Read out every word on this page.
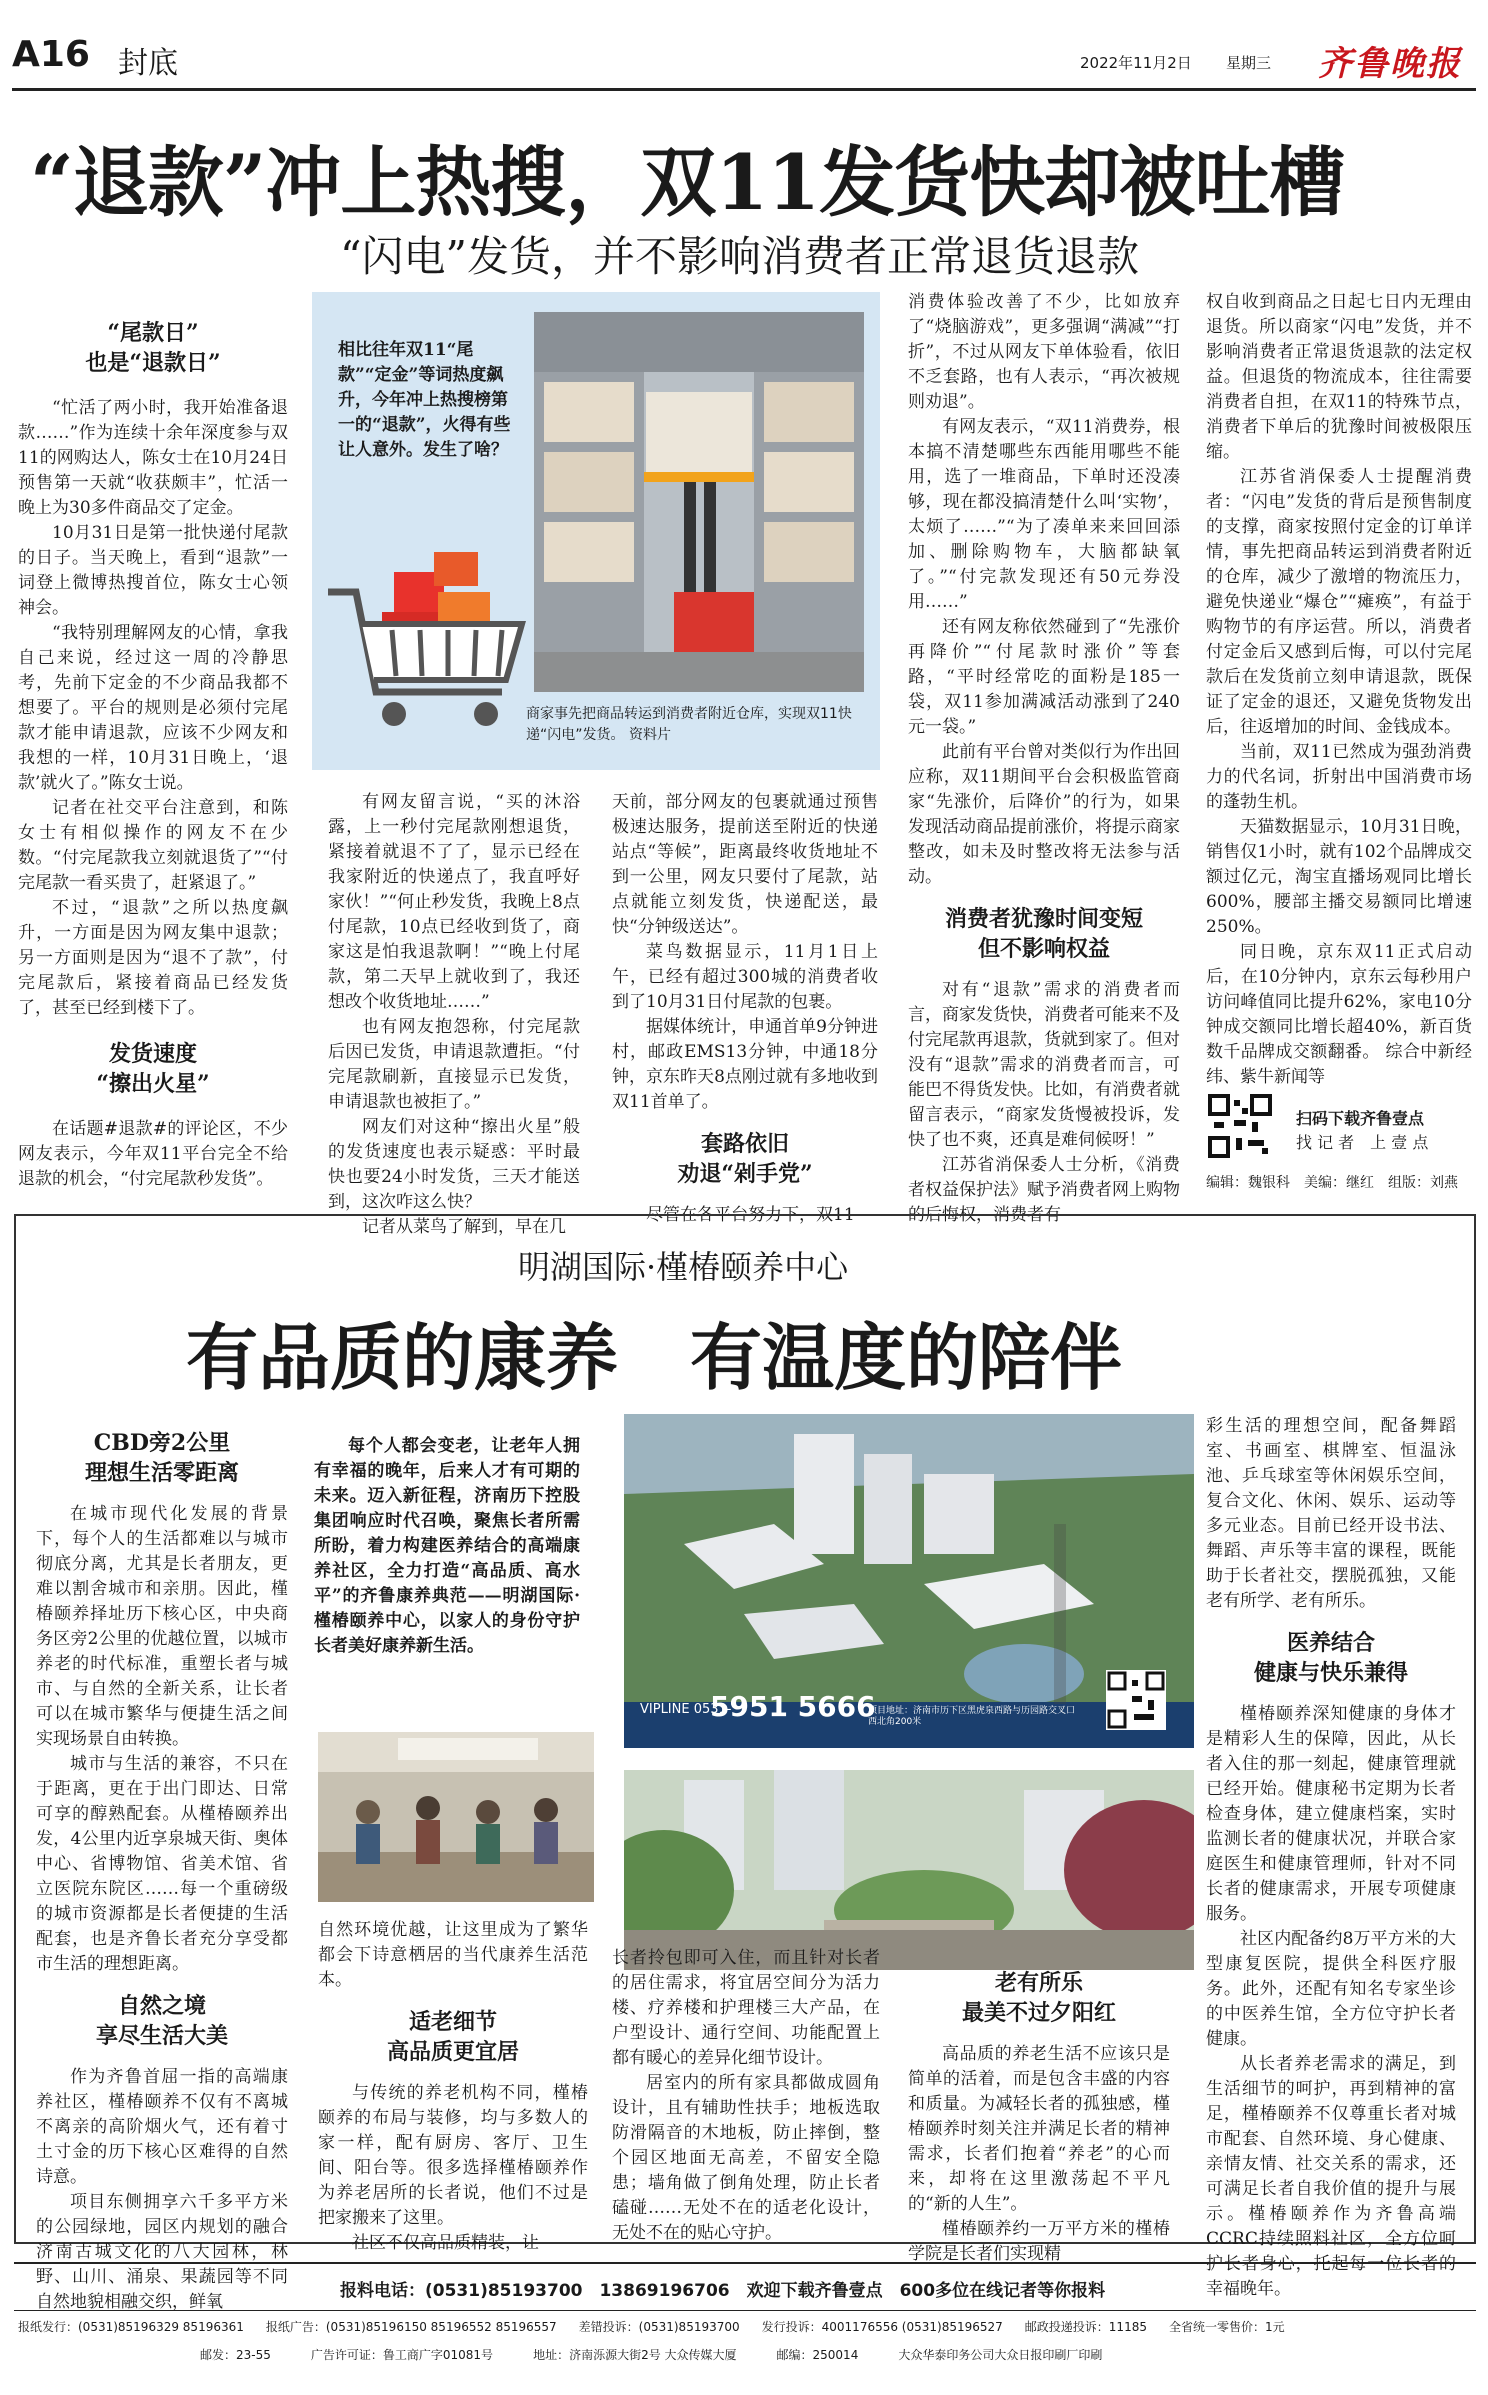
A16 封底	2022年11月2日 星期三 齐鲁晚报
“退款”冲上热搜，双11发货快却被吐槽
“闪电”发货，并不影响消费者正常退货退款
“尾款日”
也是“退款日”

“忙活了两小时，我开始准备退款……”作为连续十余年深度参与双11的网购达人，陈女士在10月24日预售第一天就“收获颇丰”，忙活一晚上为30多件商品交了定金。

10月31日是第一批快递付尾款的日子。当天晚上，看到“退款”一词登上微博热搜首位，陈女士心领神会。

“我特别理解网友的心情，拿我自己来说，经过这一周的冷静思考，先前下定金的不少商品我都不想要了。平台的规则是必须付完尾款才能申请退款，应该不少网友和我想的一样，10月31日晚上，‘退款’就火了。”陈女士说。

记者在社交平台注意到，和陈女士有相似操作的网友不在少数。“付完尾款我立刻就退货了”“付完尾款一看买贵了，赶紧退了。”

不过，“退款”之所以热度飙升，一方面是因为网友集中退款；另一方面则是因为“退不了款”，付完尾款后，紧接着商品已经发货了，甚至已经到楼下了。

发货速度
“擦出火星”

在话题#退款#的评论区，不少网友表示，今年双11平台完全不给退款的机会，“付完尾款秒发货”。

相比往年双11“尾款”“定金”等词热度飙升，今年冲上热搜榜第一的“退款”，火得有些让人意外。发生了啥？
商家事先把商品转运到消费者附近仓库，实现双11快递“闪电”发货。 资料片

有网友留言说，“买的沐浴露，上一秒付完尾款刚想退货，紧接着就退不了了，显示已经在我家附近的快递点了，我直呼好家伙！”“何止秒发货，我晚上8点付尾款，10点已经收到货了，商家这是怕我退款啊！”“晚上付尾款，第二天早上就收到了，我还想改个收货地址……”

也有网友抱怨称，付完尾款后因已发货，申请退款遭拒。“付完尾款刷新，直接显示已发货，申请退款也被拒了。”

网友们对这种“擦出火星”般的发货速度也表示疑惑：平时最快也要24小时发货，三天才能送到，这次咋这么快？

记者从菜鸟了解到，早在几

天前，部分网友的包裹就通过预售极速达服务，提前送至附近的快递站点“等候”，距离最终收货地址不到一公里，网友只要付了尾款，站点就能立刻发货，快递配送，最快“分钟级送达”。

菜鸟数据显示，11月1日上午，已经有超过300城的消费者收到了10月31日付尾款的包裹。

据媒体统计，申通首单9分钟进村，邮政EMS13分钟，中通18分钟，京东昨天8点刚过就有多地收到双11首单了。

套路依旧
劝退“剁手党”

尽管在各平台努力下，双11

消费体验改善了不少，比如放弃了“烧脑游戏”，更多强调“满减”“打折”，不过从网友下单体验看，依旧不乏套路，也有人表示，“再次被规则劝退”。

有网友表示，“双11消费券，根本搞不清楚哪些东西能用哪些不能用，选了一堆商品，下单时还没凑够，现在都没搞清楚什么叫‘实物’，太烦了……”“为了凑单来来回回添加、删除购物车，大脑都缺氧了。”“付完款发现还有50元券没用……”

还有网友称依然碰到了“先涨价再降价”“付尾款时涨价”等套路，“平时经常吃的面粉是185一袋，双11参加满减活动涨到了240元一袋。”

此前有平台曾对类似行为作出回应称，双11期间平台会积极监管商家“先涨价，后降价”的行为，如果发现活动商品提前涨价，将提示商家整改，如未及时整改将无法参与活动。

消费者犹豫时间变短
但不影响权益

对有“退款”需求的消费者而言，商家发货快，消费者可能来不及付完尾款再退款，货就到家了。但对没有“退款”需求的消费者而言，可能巴不得货发快。比如，有消费者就留言表示，“商家发货慢被投诉，发快了也不爽，还真是难伺候呀！”

江苏省消保委人士分析，《消费者权益保护法》赋予消费者网上购物的后悔权，消费者有

权自收到商品之日起七日内无理由退货。所以商家“闪电”发货，并不影响消费者正常退货退款的法定权益。但退货的物流成本，往往需要消费者自担，在双11的特殊节点，消费者下单后的犹豫时间被极限压缩。

江苏省消保委人士提醒消费者：“闪电”发货的背后是预售制度的支撑，商家按照付定金的订单详情，事先把商品转运到消费者附近的仓库，减少了激增的物流压力，避免快递业“爆仓”“瘫痪”，有益于购物节的有序运营。所以，消费者付定金后又感到后悔，可以付完尾款后在发货前立刻申请退款，既保证了定金的退还，又避免货物发出后，往返增加的时间、金钱成本。

当前，双11已然成为强劲消费力的代名词，折射出中国消费市场的蓬勃生机。

天猫数据显示，10月31日晚，销售仅1小时，就有102个品牌成交额过亿元，淘宝直播场观同比增长600%，腰部主播交易额同比增速250%。

同日晚，京东双11正式启动后，在10分钟内，京东云每秒用户访问峰值同比提升62%，家电10分钟成交额同比增长超40%，新百货数千品牌成交额翻番。 综合中新经纬、紫牛新闻等

扫码下载齐鲁壹点
找 记 者　上 壹 点
编辑：魏银科　美编：继红　组版：刘燕
明湖国际·槿椿颐养中心
有品质的康养　有温度的陪伴
CBD旁2公里
理想生活零距离

在城市现代化发展的背景下，每个人的生活都难以与城市彻底分离，尤其是长者朋友，更难以割舍城市和亲朋。因此，槿椿颐养择址历下核心区，中央商务区旁2公里的优越位置，以城市养老的时代标准，重塑长者与城市、与自然的全新关系，让长者可以在城市繁华与便捷生活之间实现场景自由转换。

城市与生活的兼容，不只在于距离，更在于出门即达、日常可享的醇熟配套。从槿椿颐养出发，4公里内近享泉城天街、奥体中心、省博物馆、省美术馆、省立医院东院区……每一个重磅级的城市资源都是长者便捷的生活配套，也是齐鲁长者充分享受都市生活的理想距离。

自然之境
享尽生活大美

作为齐鲁首屈一指的高端康养社区，槿椿颐养不仅有不离城不离亲的高阶烟火气，还有着寸土寸金的历下核心区难得的自然诗意。

项目东侧拥享六千多平方米的公园绿地，园区内规划的融合济南古城文化的八大园林，林野、山川、涌泉、果蔬园等不同自然地貌相融交织，鲜氧

每个人都会变老，让老年人拥有幸福的晚年，后来人才有可期的未来。迈入新征程，济南历下控股集团响应时代召唤，聚焦长者所需所盼，着力构建医养结合的高端康养社区，全力打造“高品质、高水平”的齐鲁康养典范——明湖国际·槿椿颐养中心，以家人的身份守护长者美好康养新生活。
VIPLINE 0531-
5951 5666
项目地址：济南市历下区黑虎泉西路与历园路交叉口西北角200米

自然环境优越，让这里成为了繁华都会下诗意栖居的当代康养生活范本。

适老细节
高品质更宜居

与传统的养老机构不同，槿椿颐养的布局与装修，均与多数人的家一样，配有厨房、客厅、卫生间、阳台等。很多选择槿椿颐养作为养老居所的长者说，他们不过是把家搬来了这里。

社区不仅高品质精装，让

长者拎包即可入住，而且针对长者的居住需求，将宜居空间分为活力楼、疗养楼和护理楼三大产品，在户型设计、通行空间、功能配置上都有暖心的差异化细节设计。

居室内的所有家具都做成圆角设计，且有辅助性扶手；地板选取防滑隔音的木地板，防止摔倒，整个园区地面无高差，不留安全隐患；墙角做了倒角处理，防止长者磕碰……无处不在的适老化设计，无处不在的贴心守护。

老有所乐
最美不过夕阳红

高品质的养老生活不应该只是简单的活着，而是包含丰盛的内容和质量。为减轻长者的孤独感，槿椿颐养时刻关注并满足长者的精神需求，长者们抱着“养老”的心而来，却将在这里激荡起不平凡的“新的人生”。

槿椿颐养约一万平方米的槿椿学院是长者们实现精

彩生活的理想空间，配备舞蹈室、书画室、棋牌室、恒温泳池、乒乓球室等休闲娱乐空间，复合文化、休闲、娱乐、运动等多元业态。目前已经开设书法、舞蹈、声乐等丰富的课程，既能助于长者社交，摆脱孤独，又能老有所学、老有所乐。

医养结合
健康与快乐兼得

槿椿颐养深知健康的身体才是精彩人生的保障，因此，从长者入住的那一刻起，健康管理就已经开始。健康秘书定期为长者检查身体，建立健康档案，实时监测长者的健康状况，并联合家庭医生和健康管理师，针对不同长者的健康需求，开展专项健康服务。

社区内配备约8万平方米的大型康复医院，提供全科医疗服务。此外，还配有知名专家坐诊的中医养生馆，全方位守护长者健康。

从长者养老需求的满足，到生活细节的呵护，再到精神的富足，槿椿颐养不仅尊重长者对城市配套、自然环境、身心健康、亲情友情、社交关系的需求，还可满足长者自我价值的提升与展示。槿椿颐养作为齐鲁高端CCRC持续照料社区，全方位呵护长者身心，托起每一位长者的幸福晚年。

报料电话：(0531)85193700　13869196706　欢迎下载齐鲁壹点　600多位在线记者等你报料
报纸发行：(0531)85196329 85196361 报纸广告：(0531)85196150 85196552 85196557 差错投诉：(0531)85193700 发行投诉：4001176556 (0531)85196527 邮政投递投诉：11185 全省统一零售价：1元
邮发：23-55	广告许可证：鲁工商广字01081号	地址：济南泺源大街2号 大众传媒大厦	邮编：250014	大众华泰印务公司大众日报印刷厂印刷
